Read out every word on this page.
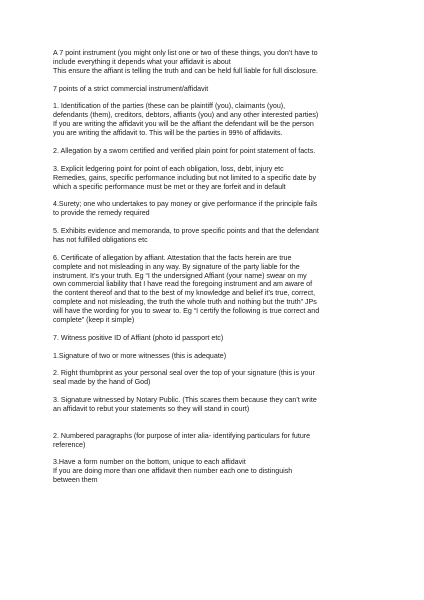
A 7 point instrument (you might only list one or two of these things, you don’t have to
include everything it depends what your affidavit is about
This ensure the affiant is telling the truth and can be held full liable for full disclosure.
7 points of a strict commercial instrument/affidavit
1. Identification of the parties (these can be plaintiff (you), claimants (you),
defendants (them), creditors, debtors, affiants (you) and any other interested parties)
If you are writing the affidavit you will be the affiant the defendant will be the person
you are writing the affidavit to. This will be the parties in 99% of affidavits.
2. Allegation by a sworn certified and verified plain point for point statement of facts.
3. Explicit ledgering point for point of each obligation, loss, debt, injury etc
Remedies, gains, specific performance including but not limited to a specific date by
which a specific performance must be met or they are forfeit and in default
4.Surety; one who undertakes to pay money or give performance if the principle fails
to provide the remedy required
5. Exhibits evidence and memoranda, to prove specific points and that the defendant
has not fulfilled obligations etc
6. Certificate of allegation by affiant. Attestation that the facts herein are true
complete and not misleading in any way. By signature of the party liable for the
instrument. It’s your truth. Eg “I the undersigned Affiant (your name) swear on my
own commercial liability that I have read the foregoing instrument and am aware of
the content thereof and that to the best of my knowledge and belief it’s true, correct,
complete and not misleading, the truth the whole truth and nothing but the truth” JPs
will have the wording for you to swear to. Eg “I certify the following is true correct and
complete” (keep it simple)
7. Witness positive ID of Affiant (photo id passport etc)
1.Signature of two or more witnesses (this is adequate)
2. Right thumbprint as your personal seal over the top of your signature (this is your
seal made by the hand of God)
3. Signature witnessed by Notary Public. (This scares them because they can’t write
an affidavit to rebut your statements so they will stand in court)
2. Numbered paragraphs (for purpose of inter alia- identifying particulars for future
reference)
3.Have a form number on the bottom, unique to each affidavit
If you are doing more than one affidavit then number each one to distinguish
between them
